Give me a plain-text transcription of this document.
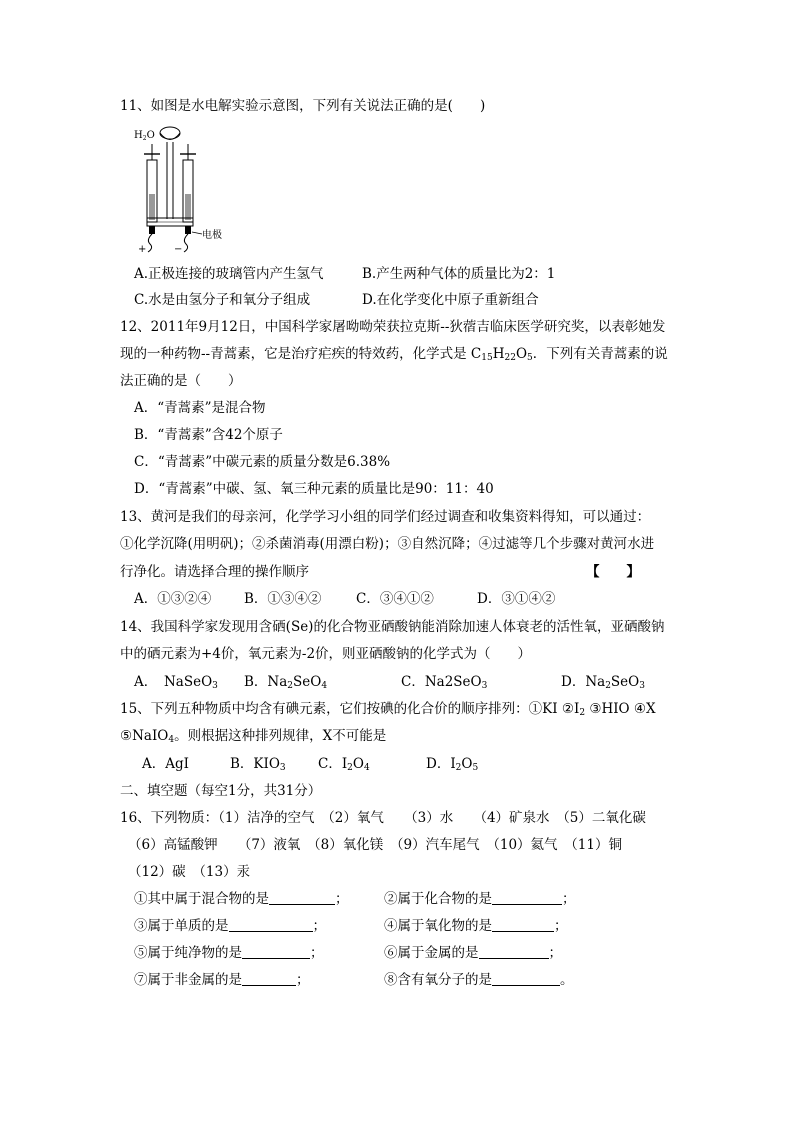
11、如图是水电解实验示意图，下列有关说法正确的是(　　)
$H_2O$
电极
+	−
A.正极连接的玻璃管内产生氢气	B.产生两种气体的质量比为2：1
C.水是由氢分子和氧分子组成	D.在化学变化中原子重新组合
12、2011年9月12日，中国科学家屠呦呦荣获拉克斯--狄蓿吉临床医学研究奖，以表彰她发
现的一种药物--青蒿素，它是治疗疟疾的特效药，化学式是 $C_{15}H_{22}O_5$．下列有关青蒿素的说
法正确的是（　　）
A．“青蒿素”是混合物
B．“青蒿素”含42个原子
C．“青蒿素”中碳元素的质量分数是6.38%
D．“青蒿素”中碳、氢、氧三种元素的质量比是90：11：40
13、黄河是我们的母亲河，化学学习小组的同学们经过调查和收集资料得知，可以通过：
①化学沉降(用明矾)；②杀菌消毒(用漂白粉)；③自然沉降；④过滤等几个步骤对黄河水进
行净化。请选择合理的操作顺序	【　　】
A．①③②④ B．①③④②	C．③④①②	D．③①④②
14、我国科学家发现用含硒(Se)的化合物亚硒酸钠能消除加速人体衰老的活性氧，亚硒酸钠
中的硒元素为+4价，氧元素为-2价，则亚硒酸钠的化学式为（　　）
A．　NaSeO$_3$ B．$Na_2SeO_4$	C．Na2SeO$_3$	D．$Na_2SeO_3$
15、下列五种物质中均含有碘元素，它们按碘的化合价的顺序排列：①KI $②I_2$ ③HIO ④X
⑤NaIO$_4$。则根据这种排列规律，X不可能是
A．AgI	B．$KIO_3$ C．$I_2O_4$	D．$I_2O_5$
二、填空题（每空1分，共31分）
16、下列物质：（1）洁净的空气　（2）氧气　　（3）水　　（4）矿泉水　（5）二氧化碳
（6）高锰酸钾　　（7）液氧　（8）氧化镁　（9）汽车尾气　（10）氦气　（11）铜
（12）碳　（13）汞
①其中属于混合物的是	；	②属于化合物的是	；
③属于单质的是	；	④属于氧化物的是	；
⑤属于纯净物的是	；	⑥属于金属的是	；
⑦属于非金属的是	；	⑧含有氧分子的是	。
